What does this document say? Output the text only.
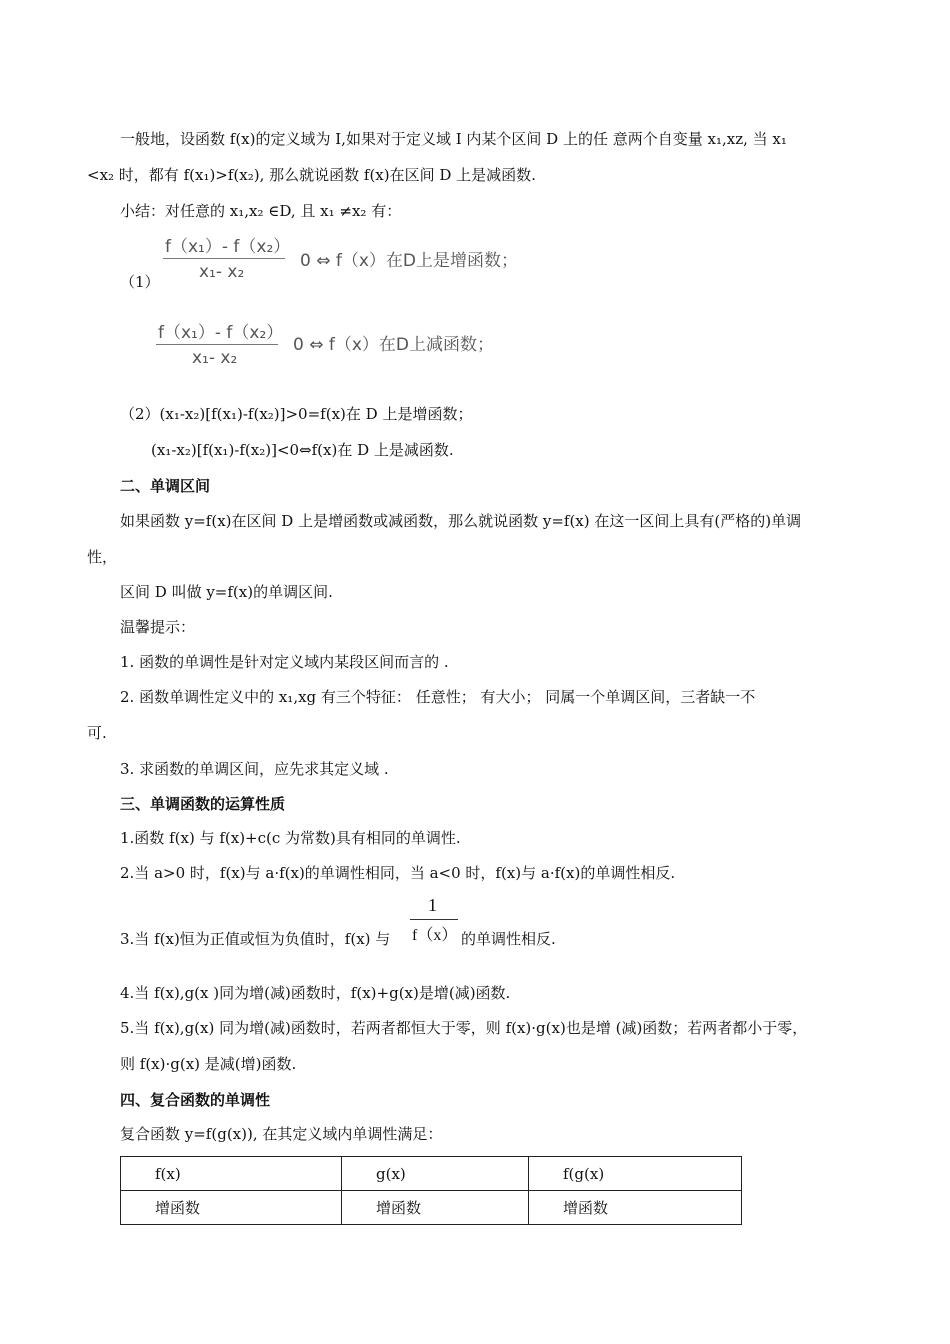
一般地，设函数 f(x)的定义域为 I,如果对于定义域 I 内某个区间 D 上的任 意两个自变量 x₁,xz, 当 x₁
<x₂ 时，都有 f(x₁)>f(x₂), 那么就说函数 f(x)在区间 D 上是减函数.
小结：对任意的 x₁,x₂ ∈D, 且 x₁ ≠x₂ 有：
（1）
f（x₁）- f（x₂）
x₁- x₂
0 ⇔ f（x）在D上是增函数；
f（x₁）- f（x₂）
x₁- x₂
0 ⇔ f（x）在D上减函数；
（2）(x₁-x₂)[f(x₁)-f(x₂)]>0=f(x)在 D 上是增函数；
(x₁-x₂)[f(x₁)-f(x₂)]<0⇔f(x)在 D 上是减函数.
二、单调区间
如果函数 y=f(x)在区间 D 上是增函数或减函数，那么就说函数 y=f(x) 在这一区间上具有(严格的)单调
性，
区间 D 叫做 y=f(x)的单调区间.
温馨提示：
1. 函数的单调性是针对定义域内某段区间而言的 .
2. 函数单调性定义中的 x₁,xg 有三个特征： 任意性； 有大小； 同属一个单调区间，三者缺一不
可.
3. 求函数的单调区间，应先求其定义域 .
三、单调函数的运算性质
1.函数 f(x) 与 f(x)+c(c 为常数)具有相同的单调性.
2.当 a>0 时，f(x)与 a·f(x)的单调性相同，当 a<0 时，f(x)与 a·f(x)的单调性相反.
3.当 f(x)恒为正值或恒为负值时，f(x) 与
1
f（x） 的单调性相反.
4.当 f(x),g(x )同为增(减)函数时，f(x)+g(x)是增(减)函数.
5.当 f(x),g(x) 同为增(减)函数时，若两者都恒大于零，则 f(x)·g(x)也是增 (减)函数；若两者都小于零，
则 f(x)·g(x) 是减(增)函数.
四、复合函数的单调性
复合函数 y=f(g(x)), 在其定义域内单调性满足：
f(x)	g(x)	f(g(x)
增函数	增函数	增函数
